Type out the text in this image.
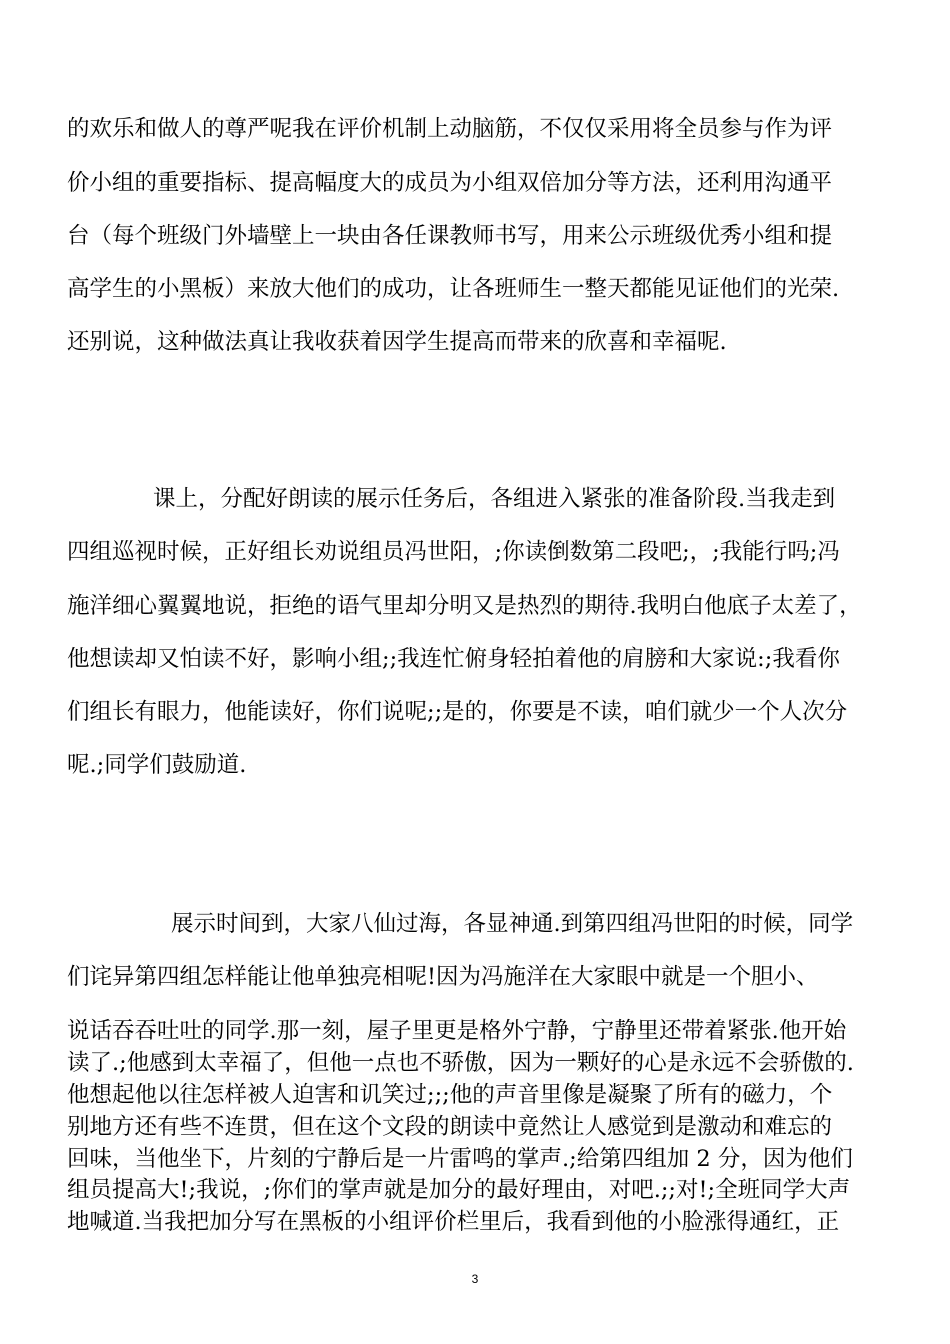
的欢乐和做人的尊严呢我在评价机制上动脑筋，不仅仅采用将全员参与作为评

价小组的重要指标、提高幅度大的成员为小组双倍加分等方法，还利用沟通平

台（每个班级门外墙壁上一块由各任课教师书写，用来公示班级优秀小组和提

高学生的小黑板）来放大他们的成功，让各班师生一整天都能见证他们的光荣.

还别说，这种做法真让我收获着因学生提高而带来的欣喜和幸福呢.

课上，分配好朗读的展示任务后，各组进入紧张的准备阶段.当我走到

四组巡视时候，正好组长劝说组员冯世阳，;你读倒数第二段吧;，;我能行吗;冯

施洋细心翼翼地说，拒绝的语气里却分明又是热烈的期待.我明白他底子太差了，

他想读却又怕读不好，影响小组;;我连忙俯身轻拍着他的肩膀和大家说:;我看你

们组长有眼力，他能读好，你们说呢;;是的，你要是不读，咱们就少一个人次分

呢.;同学们鼓励道.

展示时间到，大家八仙过海，各显神通.到第四组冯世阳的时候，同学

们诧异第四组怎样能让他单独亮相呢!因为冯施洋在大家眼中就是一个胆小、

说话吞吞吐吐的同学.那一刻，屋子里更是格外宁静，宁静里还带着紧张.他开始

读了.;他感到太幸福了，但他一点也不骄傲，因为一颗好的心是永远不会骄傲的.

他想起他以往怎样被人迫害和讥笑过;;;他的声音里像是凝聚了所有的磁力，个

别地方还有些不连贯，但在这个文段的朗读中竟然让人感觉到是激动和难忘的

回味，当他坐下，片刻的宁静后是一片雷鸣的掌声.;给第四组加 2 分，因为他们

组员提高大!;我说，;你们的掌声就是加分的最好理由，对吧.;;对!;全班同学大声

地喊道.当我把加分写在黑板的小组评价栏里后，我看到他的小脸涨得通红，正

3
